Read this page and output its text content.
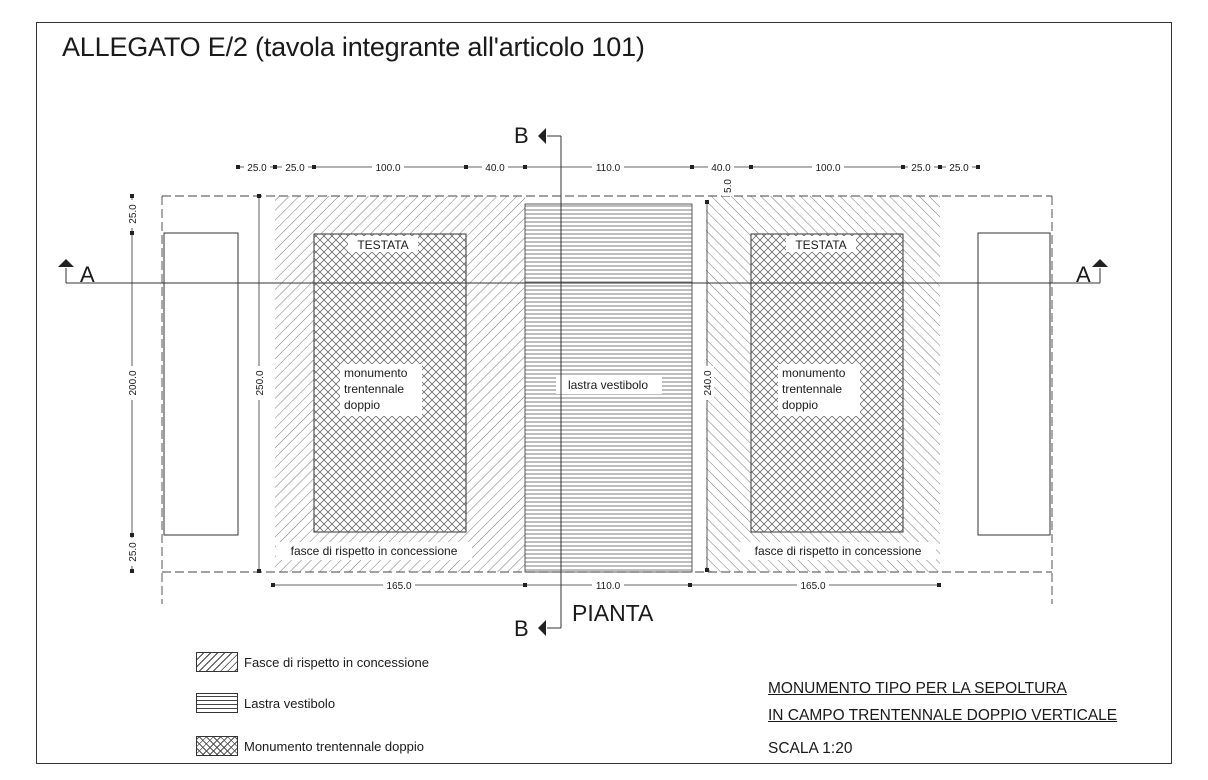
ALLEGATO E/2 (tavola integrante all'articolo 101)
A	A
B
B
25.0 25.0	100.0	40.0	110.0	40.0	100.0	25.0 25.0
165.0	110.0	165.0
25.0
200.0
25.0
250.0	240.0
5.0
TESTATA	TESTATA
monumento
trentennale
doppio
monumento
trentennale
doppio
lastra vestibolo
fasce di rispetto in concessione	fasce di rispetto in concessione
PIANTA
Fasce di rispetto in concessione
Lastra vestibolo
Monumento trentennale doppio
MONUMENTO TIPO PER LA SEPOLTURA
IN CAMPO TRENTENNALE DOPPIO VERTICALE
SCALA 1:20
